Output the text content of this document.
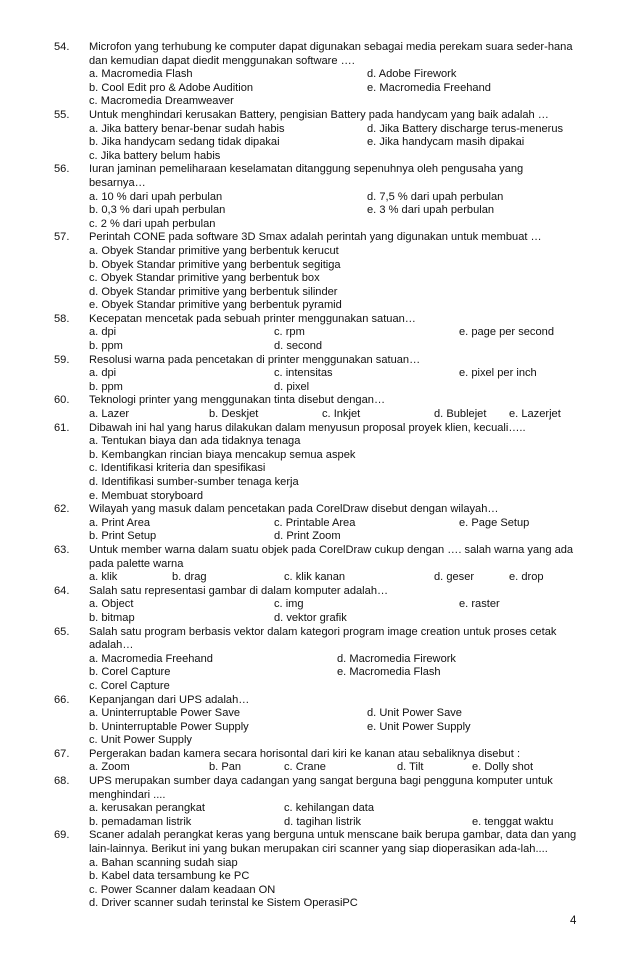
54. Microfon yang terhubung ke computer dapat digunakan sebagai media perekam suara seder-hana dan kemudian dapat diedit menggunakan software ….
a. Macromedia Flash	d. Adobe Firework
b. Cool Edit pro & Adobe Audition	e. Macromedia Freehand
c. Macromedia Dreamweaver
55. Untuk menghindari kerusakan Battery, pengisian Battery pada handycam yang baik adalah …
a. Jika battery benar-benar sudah habis	d. Jika Battery discharge terus-menerus
b. Jika handycam sedang tidak dipakai	e. Jika handycam masih dipakai
c. Jika battery belum habis
56. Iuran jaminan pemeliharaan keselamatan ditanggung sepenuhnya oleh pengusaha yang besarnya…
a. 10 % dari upah perbulan	d. 7,5 % dari upah perbulan
b. 0,3 % dari upah perbulan	e. 3 % dari upah perbulan
c. 2 % dari upah perbulan
57. Perintah CONE pada software 3D Smax adalah perintah yang digunakan untuk membuat …
a. Obyek Standar primitive yang berbentuk kerucut
b. Obyek Standar primitive yang berbentuk segitiga
c. Obyek Standar primitive yang berbentuk box
d. Obyek Standar primitive yang berbentuk silinder
e. Obyek Standar primitive yang berbentuk pyramid
58. Kecepatan mencetak pada sebuah printer menggunakan satuan…
a. dpi	c. rpm	e. page per second
b. ppm	d. second
59. Resolusi warna pada pencetakan di printer menggunakan satuan…
a. dpi	c. intensitas	e. pixel per inch
b. ppm	d. pixel
60. Teknologi printer yang menggunakan tinta disebut dengan…
a. Lazer	b. Deskjet	c. Inkjet	d. Bublejet e. Lazerjet
61. Dibawah ini hal yang harus dilakukan dalam menyusun proposal proyek klien, kecuali…..
a. Tentukan biaya dan ada tidaknya tenaga
b. Kembangkan rincian biaya mencakup semua aspek
c. Identifikasi kriteria dan spesifikasi
d. Identifikasi sumber-sumber tenaga kerja
e. Membuat storyboard
62. Wilayah yang masuk dalam pencetakan pada CorelDraw disebut dengan wilayah…
a. Print Area	c. Printable Area	e. Page Setup
b. Print Setup	d. Print Zoom
63. Untuk member warna dalam suatu objek pada CorelDraw cukup dengan …. salah warna yang ada pada palette warna
a. klik	b. drag	c. klik kanan	d. geser	e. drop
64. Salah satu representasi gambar di dalam komputer adalah…
a. Object	c. img	e. raster
b. bitmap	d. vektor grafik
65. Salah satu program berbasis vektor dalam kategori program image creation untuk proses cetak adalah…
a. Macromedia Freehand	d. Macromedia Firework
b. Corel Capture	e. Macromedia Flash
c. Corel Capture
66. Kepanjangan dari UPS adalah…
a. Uninterruptable Power Save	d. Unit Power Save
b. Uninterruptable Power Supply	e. Unit Power Supply
c. Unit Power Supply
67. Pergerakan badan kamera secara horisontal dari kiri ke kanan atau sebaliknya disebut :
a. Zoom	b. Pan	c. Crane	d. Tilt	e. Dolly shot
68. UPS merupakan sumber daya cadangan yang sangat berguna bagi pengguna komputer untuk menghindari ....
a. kerusakan perangkat	c. kehilangan data
b. pemadaman listrik	d. tagihan listrik	e. tenggat waktu
69. Scaner adalah perangkat keras yang berguna untuk menscane baik berupa gambar, data dan yang lain-lainnya. Berikut ini yang bukan merupakan ciri scanner yang siap dioperasikan ada-lah....
a. Bahan scanning sudah siap
b. Kabel data tersambung ke PC
c. Power Scanner dalam keadaan ON
d. Driver scanner sudah terinstal ke Sistem OperasiPC
4
